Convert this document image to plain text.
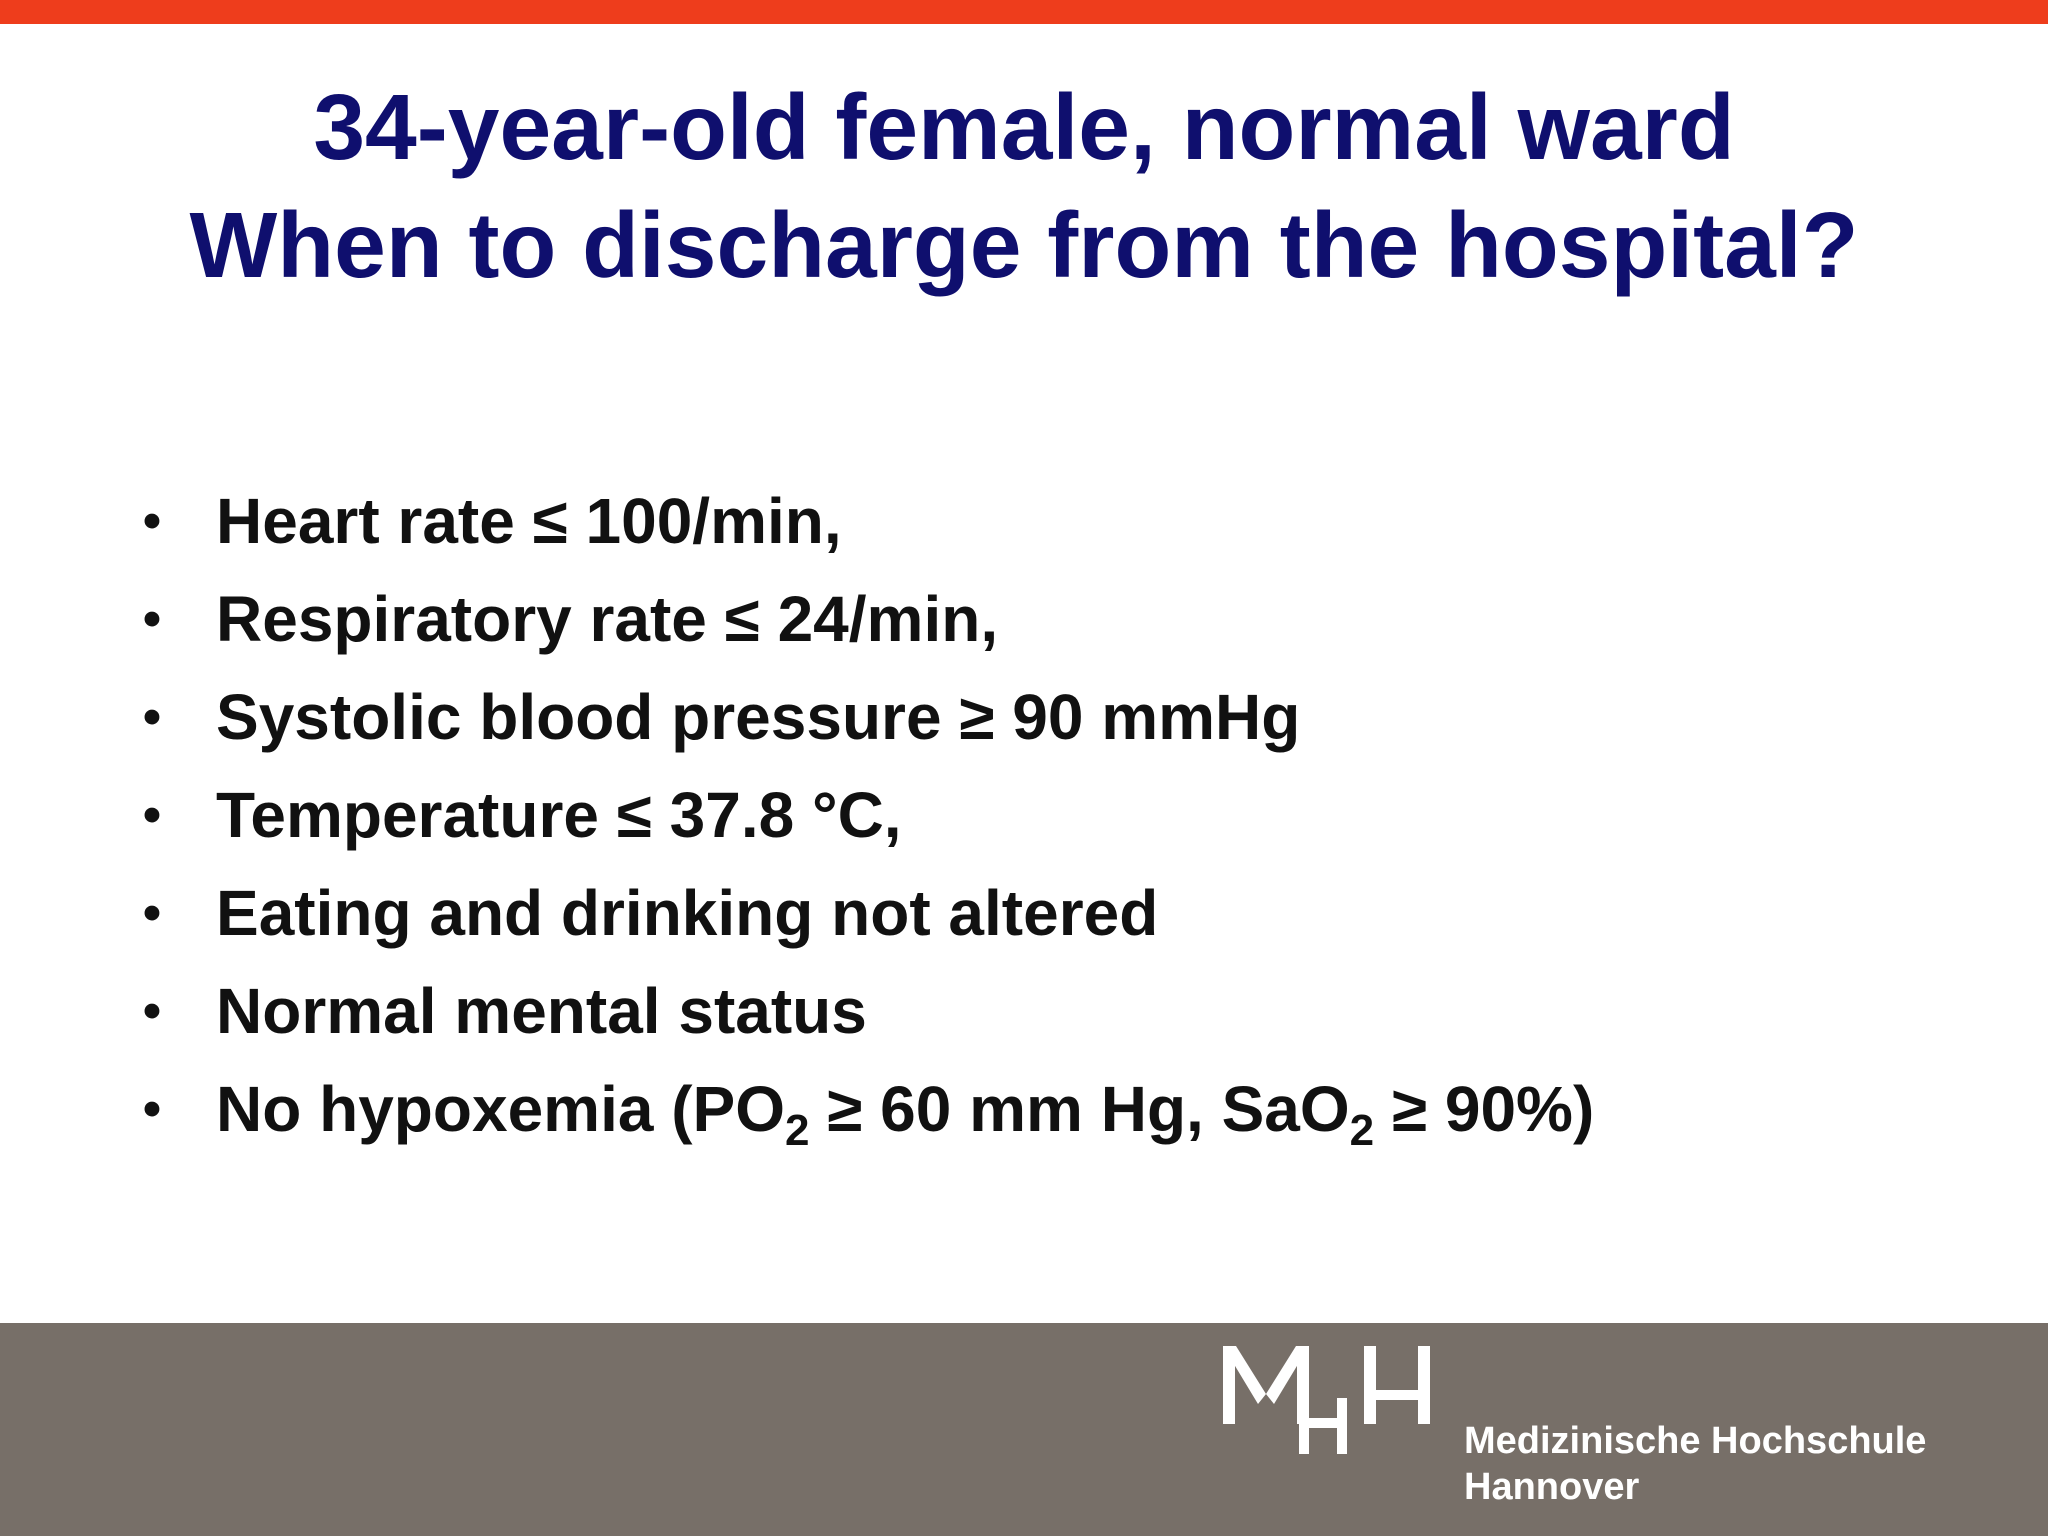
34-year-old female, normal ward
When to discharge from the hospital?
• Heart rate ≤ 100/min,
• Respiratory rate ≤ 24/min,
• Systolic blood pressure ≥ 90 mmHg
• Temperature ≤ 37.8 °C,
• Eating and drinking not altered
• Normal mental status
• No hypoxemia ($PO_2 \ge 60$ mm Hg, SaO$_2$ ≥ 90%)

Medizinische Hochschule
Hannover
